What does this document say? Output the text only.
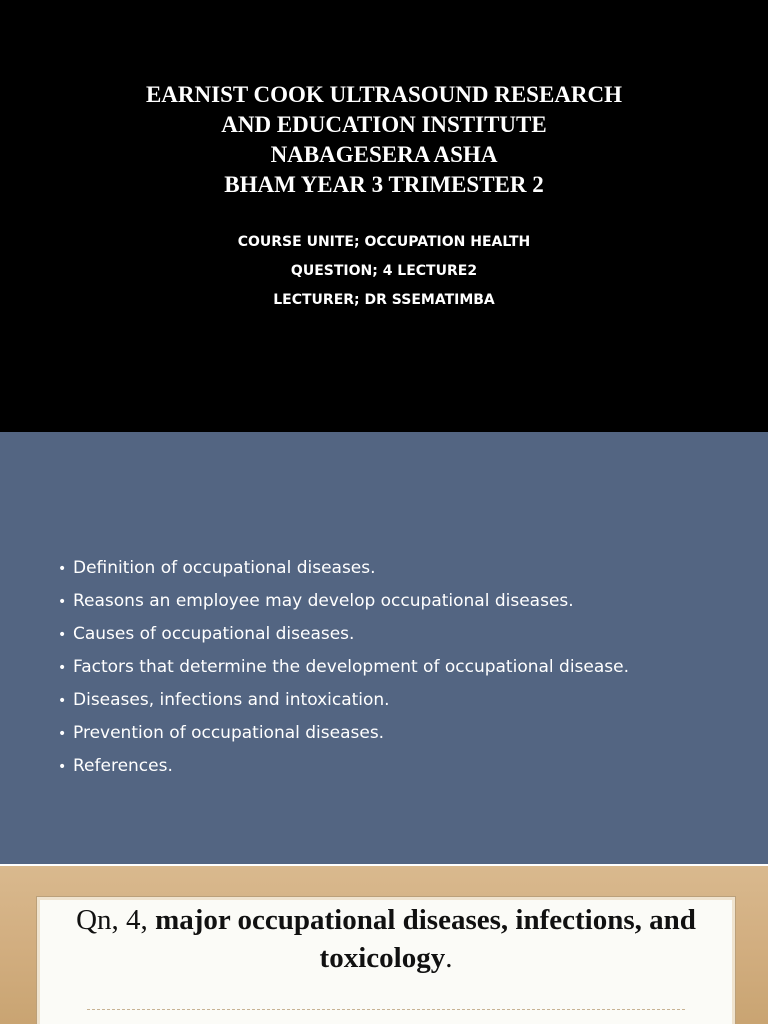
EARNIST COOK ULTRASOUND RESEARCH
AND EDUCATION INSTITUTE
NABAGESERA ASHA
BHAM YEAR 3 TRIMESTER 2
COURSE UNITE; OCCUPATION HEALTH
QUESTION; 4 LECTURE2
LECTURER; DR SSEMATIMBA
• Definition of occupational diseases.
• Reasons an employee may develop occupational diseases.
• Causes of occupational diseases.
• Factors that determine the development of occupational disease.
• Diseases, infections and intoxication.
• Prevention of occupational diseases.
• References.
Qn, 4, major occupational diseases, infections, and toxicology.
